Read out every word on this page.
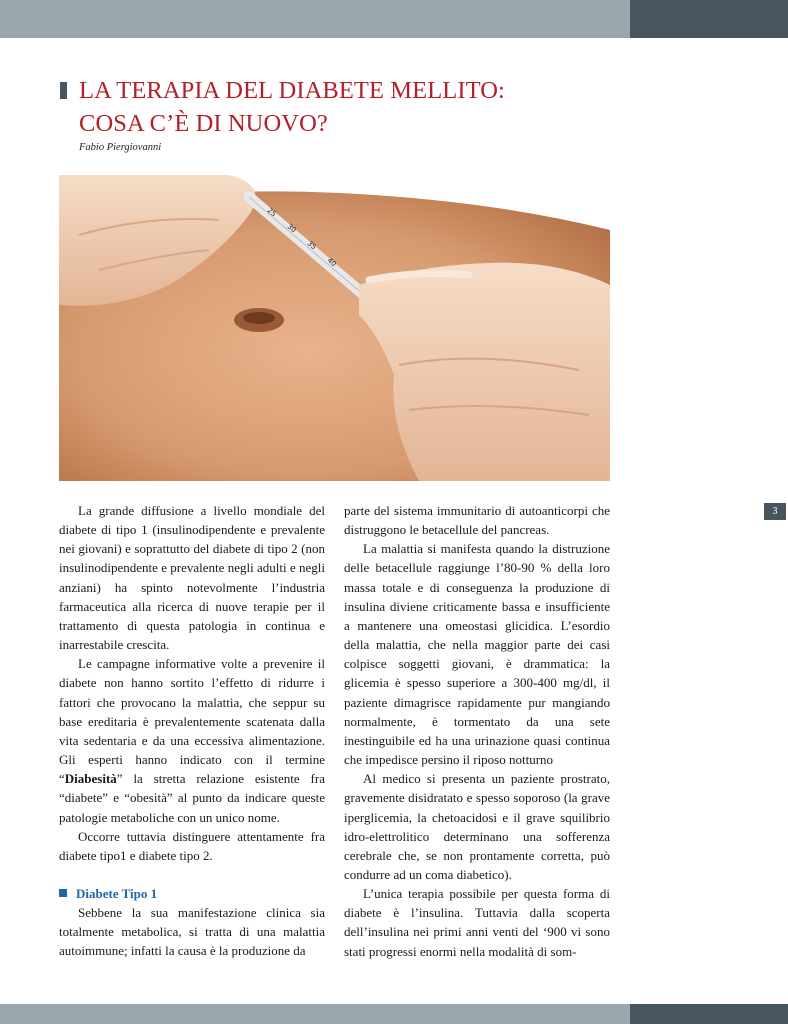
LA TERAPIA DEL DIABETE MELLITO:
COSA C’È DI NUOVO?
Fabio Piergiovanni
25
30
35
40
3

La grande diffusione a livello mondiale del diabete di tipo 1 (insulinodipendente e prevalente nei giovani) e soprattutto del diabete di tipo 2 (non insulinodipendente e prevalente negli adulti e negli anziani) ha spinto notevolmente l’industria farmaceutica alla ricerca di nuove terapie per il trattamento di questa patologia in continua e inarrestabile crescita.

Le campagne informative volte a prevenire il diabete non hanno sortito l’effetto di ridurre i fattori che provocano la malattia, che seppur su base ereditaria è prevalentemente scatenata dalla vita sedentaria e da una eccessiva alimentazione. Gli esperti hanno indicato con il termine “Diabesità” la stretta relazione esistente fra “diabete” e “obesità” al punto da indicare queste patologie metaboliche con un unico nome.

Occorre tuttavia distinguere attentamente fra diabete tipo1 e diabete tipo 2.

Diabete Tipo 1

Sebbene la sua manifestazione clinica sia totalmente metabolica, si tratta di una malattia autoimmune; infatti la causa è la produzione da

parte del sistema immunitario di autoanticorpi che distruggono le betacellule del pancreas.

La malattia si manifesta quando la distruzione delle betacellule raggiunge l’80-90 % della loro massa totale e di conseguenza la produzione di insulina diviene criticamente bassa e insufficiente a mantenere una omeostasi glicidica. L’esordio della malattia, che nella maggior parte dei casi colpisce soggetti giovani, è drammatica: la glicemia è spesso superiore a 300-400 mg/dl, il paziente dimagrisce rapidamente pur mangiando normalmente, è tormentato da una sete inestinguibile ed ha una urinazione quasi continua che impedisce persino il riposo notturno

Al medico si presenta un paziente prostrato, gravemente disidratato e spesso soporoso (la grave iperglicemia, la chetoacidosi e il grave squilibrio idro-elettrolitico determinano una sofferenza cerebrale che, se non prontamente corretta, può condurre ad un coma diabetico).

L’unica terapia possibile per questa forma di diabete è l’insulina. Tuttavia dalla scoperta dell’insulina nei primi anni venti del ‘900 vi sono stati progressi enormi nella modalità di som-
